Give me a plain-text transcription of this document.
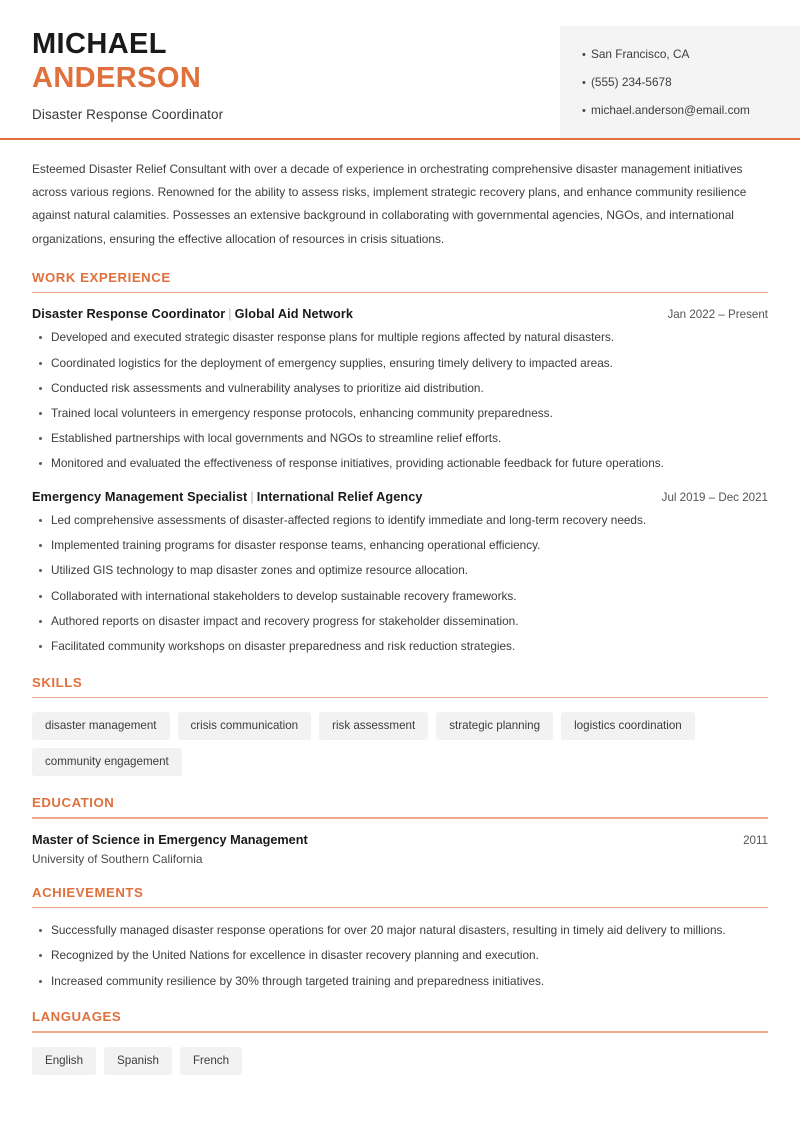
MICHAEL
ANDERSON
Disaster Response Coordinator
• San Francisco, CA
• (555) 234-5678
• michael.anderson@email.com
Esteemed Disaster Relief Consultant with over a decade of experience in orchestrating comprehensive disaster management initiatives across various regions. Renowned for the ability to assess risks, implement strategic recovery plans, and enhance community resilience against natural calamities. Possesses an extensive background in collaborating with governmental agencies, NGOs, and international organizations, ensuring the effective allocation of resources in crisis situations.
WORK EXPERIENCE
Disaster Response Coordinator | Global Aid Network	Jan 2022 – Present
Developed and executed strategic disaster response plans for multiple regions affected by natural disasters.
Coordinated logistics for the deployment of emergency supplies, ensuring timely delivery to impacted areas.
Conducted risk assessments and vulnerability analyses to prioritize aid distribution.
Trained local volunteers in emergency response protocols, enhancing community preparedness.
Established partnerships with local governments and NGOs to streamline relief efforts.
Monitored and evaluated the effectiveness of response initiatives, providing actionable feedback for future operations.
Emergency Management Specialist | International Relief Agency	Jul 2019 – Dec 2021
Led comprehensive assessments of disaster-affected regions to identify immediate and long-term recovery needs.
Implemented training programs for disaster response teams, enhancing operational efficiency.
Utilized GIS technology to map disaster zones and optimize resource allocation.
Collaborated with international stakeholders to develop sustainable recovery frameworks.
Authored reports on disaster impact and recovery progress for stakeholder dissemination.
Facilitated community workshops on disaster preparedness and risk reduction strategies.
SKILLS
disaster management	crisis communication	risk assessment	strategic planning	logistics coordination
community engagement
EDUCATION
Master of Science in Emergency Management	2011
University of Southern California
ACHIEVEMENTS
Successfully managed disaster response operations for over 20 major natural disasters, resulting in timely aid delivery to millions.
Recognized by the United Nations for excellence in disaster recovery planning and execution.
Increased community resilience by 30% through targeted training and preparedness initiatives.
LANGUAGES
English	Spanish	French
